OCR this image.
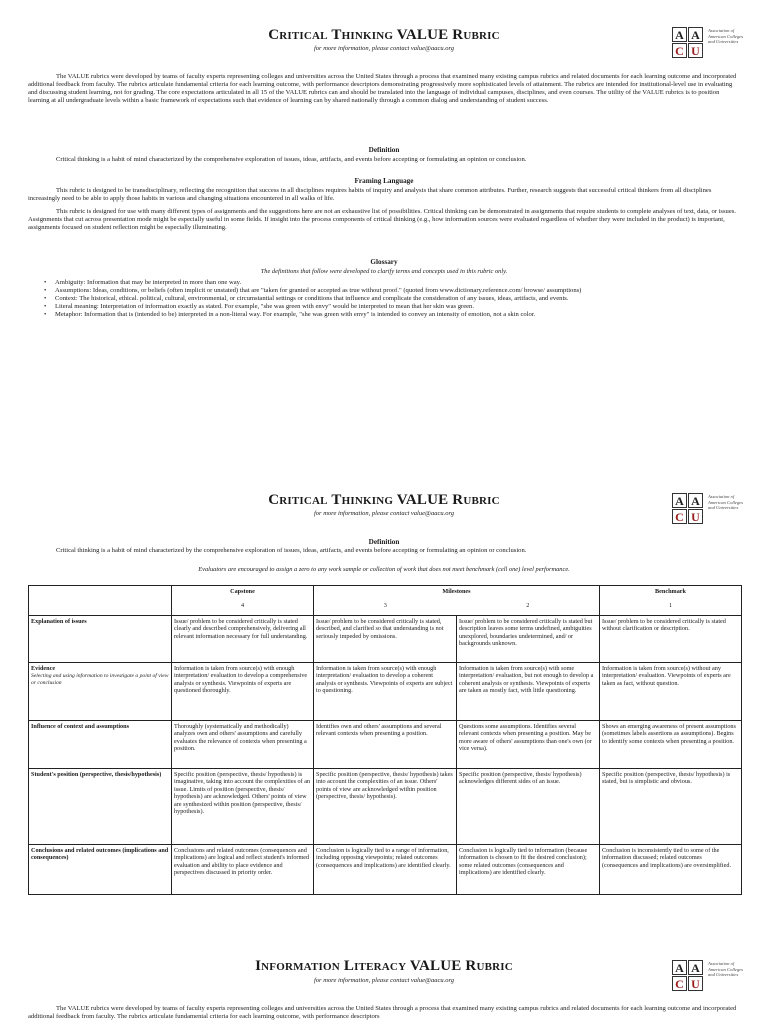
Critical Thinking VALUE Rubric
for more information, please contact value@aacu.org
A A
C U
Association of American Colleges and Universities
The VALUE rubrics were developed by teams of faculty experts representing colleges and universities across the United States through a process that examined many existing campus rubrics and related documents for each learning outcome and incorporated additional feedback from faculty. The rubrics articulate fundamental criteria for each learning outcome, with performance descriptors demonstrating progressively more sophisticated levels of attainment. The rubrics are intended for institutional-level use in evaluating and discussing student learning, not for grading. The core expectations articulated in all 15 of the VALUE rubrics can and should be translated into the language of individual campuses, disciplines, and even courses. The utility of the VALUE rubrics is to position learning at all undergraduate levels within a basic framework of expectations such that evidence of learning can by shared nationally through a common dialog and understanding of student success.
Definition
Critical thinking is a habit of mind characterized by the comprehensive exploration of issues, ideas, artifacts, and events before accepting or formulating an opinion or conclusion.
Framing Language
This rubric is designed to be transdisciplinary, reflecting the recognition that success in all disciplines requires habits of inquiry and analysis that share common attributes. Further, research suggests that successful critical thinkers from all disciplines increasingly need to be able to apply those habits in various and changing situations encountered in all walks of life.
This rubric is designed for use with many different types of assignments and the suggestions here are not an exhaustive list of possibilities. Critical thinking can be demonstrated in assignments that require students to complete analyses of text, data, or issues. Assignments that cut across presentation mode might be especially useful in some fields. If insight into the process components of critical thinking (e.g., how information sources were evaluated regardless of whether they were included in the product) is important, assignments focused on student reflection might be especially illuminating.
Glossary
The definitions that follow were developed to clarify terms and concepts used in this rubric only.
• Ambiguity: Information that may be interpreted in more than one way.
• Assumptions: Ideas, conditions, or beliefs (often implicit or unstated) that are "taken for granted or accepted as true without proof." (quoted from www.dictionary.reference.com/ browse/ assumptions)
• Context: The historical, ethical. political, cultural, environmental, or circumstantial settings or conditions that influence and complicate the consideration of any issues, ideas, artifacts, and events.
• Literal meaning: Interpretation of information exactly as stated. For example, "she was green with envy" would be interpreted to mean that her skin was green.
• Metaphor: Information that is (intended to be) interpreted in a non-literal way. For example, "she was green with envy" is intended to convey an intensity of emotion, not a skin color.
Critical Thinking VALUE Rubric
for more information, please contact value@aacu.org
A A
C U
Association of American Colleges and Universities
Definition
Critical thinking is a habit of mind characterized by the comprehensive exploration of issues, ideas, artifacts, and events before accepting or formulating an opinion or conclusion.
Evaluators are encouraged to assign a zero to any work sample or collection of work that does not meet benchmark (cell one) level performance.
	Capstone	Milestones		Benchmark
	4	3	2	1
Explanation of issues	Issue/ problem to be considered critically is stated clearly and described comprehensively, delivering all relevant information necessary for full understanding.	Issue/ problem to be considered critically is stated, described, and clarified so that understanding is not seriously impeded by omissions.	Issue/ problem to be considered critically is stated but description leaves some terms undefined, ambiguities unexplored, boundaries undetermined, and/ or backgrounds unknown.	Issue/ problem to be considered critically is stated without clarification or description.
Evidence
Selecting and using information to investigate a point of view or conclusion	Information is taken from source(s) with enough interpretation/ evaluation to develop a comprehensive analysis or synthesis. Viewpoints of experts are questioned thoroughly.	Information is taken from source(s) with enough interpretation/ evaluation to develop a coherent analysis or synthesis. Viewpoints of experts are subject to questioning.	Information is taken from source(s) with some interpretation/ evaluation, but not enough to develop a coherent analysis or synthesis. Viewpoints of experts are taken as mostly fact, with little questioning.	Information is taken from source(s) without any interpretation/ evaluation. Viewpoints of experts are taken as fact, without question.
Influence of context and assumptions	Thoroughly (systematically and methodically) analyzes own and others' assumptions and carefully evaluates the relevance of contexts when presenting a position.	Identifies own and others' assumptions and several relevant contexts when presenting a position.	Questions some assumptions. Identifies several relevant contexts when presenting a position. May be more aware of others' assumptions than one's own (or vice versa).	Shows an emerging awareness of present assumptions (sometimes labels assertions as assumptions). Begins to identify some contexts when presenting a position.
Student's position (perspective, thesis/hypothesis)	Specific position (perspective, thesis/ hypothesis) is imaginative, taking into account the complexities of an issue. Limits of position (perspective, thesis/ hypothesis) are acknowledged. Others' points of view are synthesized within position (perspective, thesis/ hypothesis).	Specific position (perspective, thesis/ hypothesis) takes into account the complexities of an issue. Others' points of view are acknowledged within position (perspective, thesis/ hypothesis).	Specific position (perspective, thesis/ hypothesis) acknowledges different sides of an issue.	Specific position (perspective, thesis/ hypothesis) is stated, but is simplistic and obvious.
Conclusions and related outcomes (implications and consequences)	Conclusions and related outcomes (consequences and implications) are logical and reflect student's informed evaluation and ability to place evidence and perspectives discussed in priority order.	Conclusion is logically tied to a range of information, including opposing viewpoints; related outcomes (consequences and implications) are identified clearly.	Conclusion is logically tied to information (because information is chosen to fit the desired conclusion); some related outcomes (consequences and implications) are identified clearly.	Conclusion is inconsistently tied to some of the information discussed; related outcomes (consequences and implications) are oversimplified.
Information Literacy VALUE Rubric
for more information, please contact value@aacu.org
A A
C U
Association of American Colleges and Universities
The VALUE rubrics were developed by teams of faculty experts representing colleges and universities across the United States through a process that examined many existing campus rubrics and related documents for each learning outcome and incorporated additional feedback from faculty. The rubrics articulate fundamental criteria for each learning outcome, with performance descriptors
